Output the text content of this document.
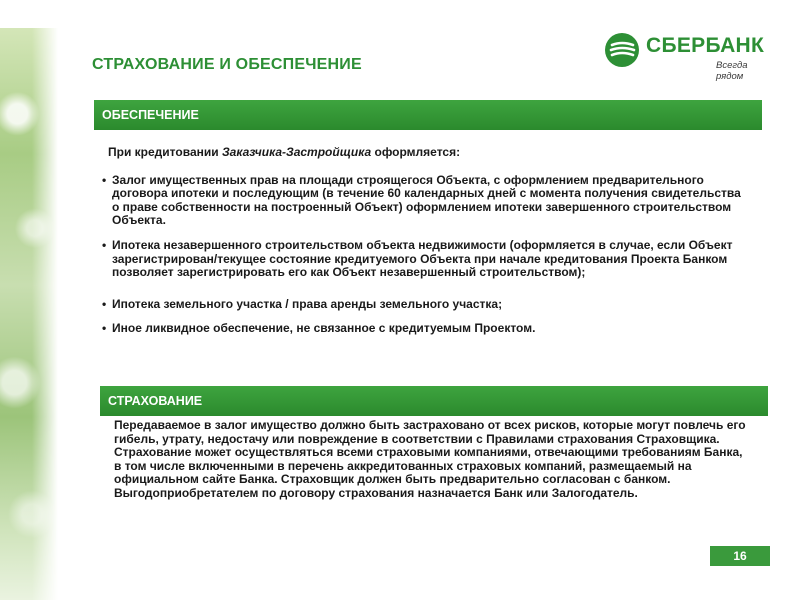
СТРАХОВАНИЕ И ОБЕСПЕЧЕНИЕ
СБЕРБАНК
Всегда рядом
ОБЕСПЕЧЕНИЕ

При кредитовании Заказчика-Застройщика оформляется:

• Залог имущественных прав на площади строящегося Объекта, с оформлением предварительного договора ипотеки и последующим (в течение 60 календарных дней с момента получения свидетельства о праве собственности на построенный Объект) оформлением ипотеки завершенного строительством Объекта.

• Ипотека незавершенного строительством объекта недвижимости (оформляется в случае, если Объект зарегистрирован/текущее состояние кредитуемого Объекта при начале кредитования Проекта Банком позволяет зарегистрировать его как Объект незавершенный строительством);

• Ипотека земельного участка / права аренды земельного участка;

• Иное ликвидное обеспечение, не связанное с кредитуемым Проектом.

СТРАХОВАНИЕ

Передаваемое в залог имущество должно быть застраховано от всех рисков, которые могут повлечь его гибель, утрату, недостачу или повреждение в соответствии с Правилами страхования Страховщика.

Страхование может осуществляться всеми страховыми компаниями, отвечающими требованиям Банка, в том числе включенными в перечень аккредитованных страховых компаний, размещаемый на официальном сайте Банка. Страховщик должен быть предварительно согласован с банком.

Выгодоприобретателем по договору страхования назначается Банк или Залогодатель.

16
